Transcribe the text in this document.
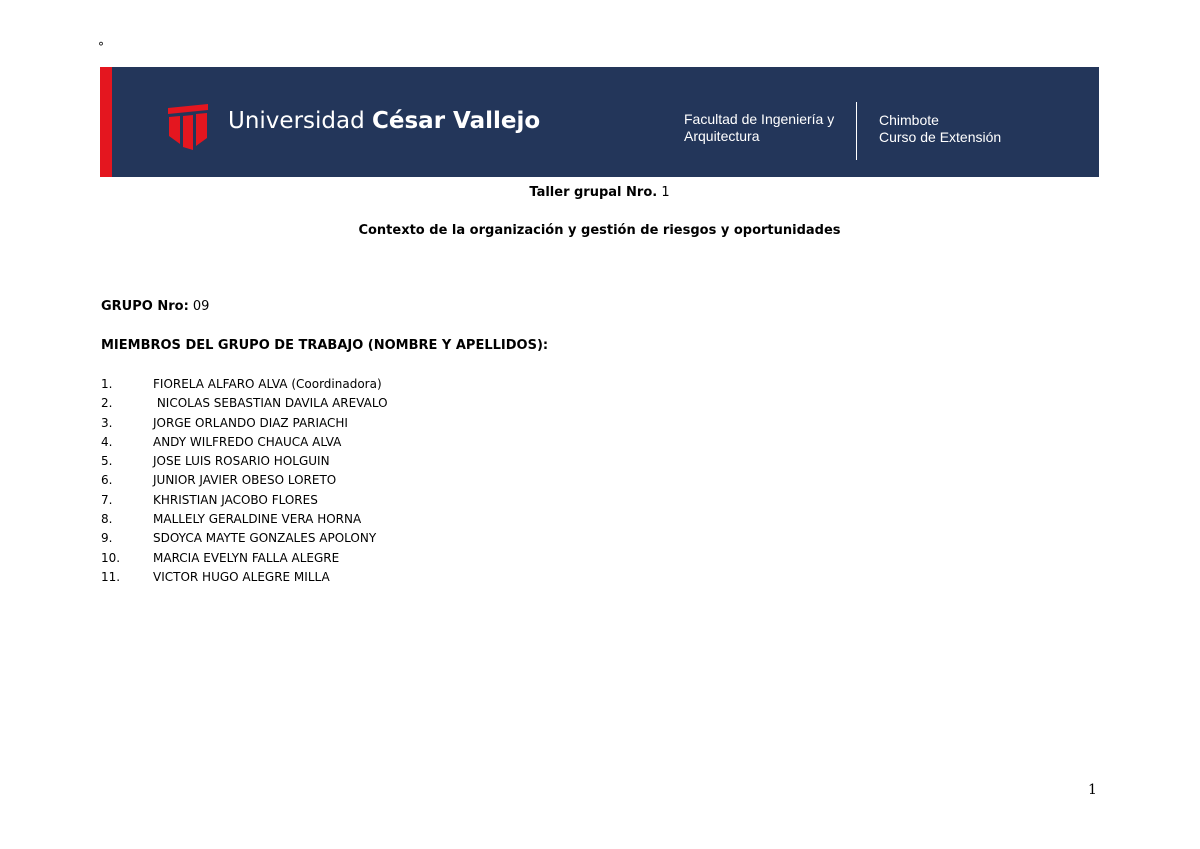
°
Universidad César Vallejo	Facultad de Ingeniería y
Arquitectura
Chimbote
Curso de Extensión
Taller grupal Nro. 1
Contexto de la organización y gestión de riesgos y oportunidades
GRUPO Nro: 09
MIEMBROS DEL GRUPO DE TRABAJO (NOMBRE Y APELLIDOS):
1.	FIORELA ALFARO ALVA (Coordinadora)
2.	NICOLAS SEBASTIAN DAVILA AREVALO
3.	JORGE ORLANDO DIAZ PARIACHI
4.	ANDY WILFREDO CHAUCA ALVA
5.	JOSE LUIS ROSARIO HOLGUIN
6.	JUNIOR JAVIER OBESO LORETO
7.	KHRISTIAN JACOBO FLORES
8.	MALLELY GERALDINE VERA HORNA
9.	SDOYCA MAYTE GONZALES APOLONY
10.	MARCIA EVELYN FALLA ALEGRE
11.	VICTOR HUGO ALEGRE MILLA
1
